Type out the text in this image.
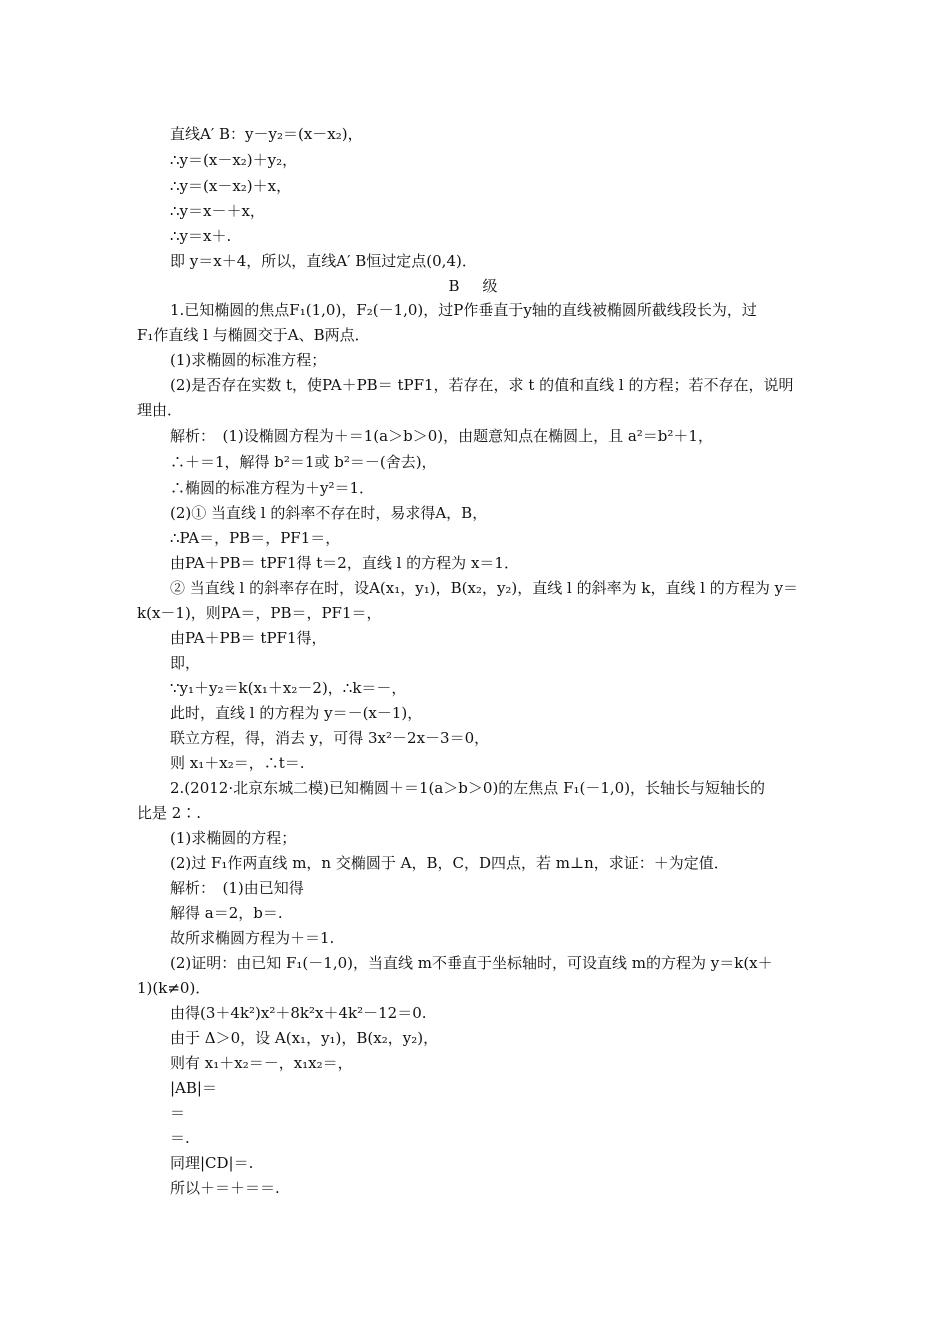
直线A′ B：y－y₂＝(x－x₂)，
∴y＝(x－x₂)＋y₂，
∴y＝(x－x₂)＋x，
∴y＝x－＋x，
∴y＝x＋.
即 y＝x＋4，所以，直线A′ B恒过定点(0,4)．
B　级
1.已知椭圆的焦点F₁(1,0)，F₂(－1,0)，过P作垂直于y轴的直线被椭圆所截线段长为，过
F₁作直线 l 与椭圆交于A、B两点．
(1)求椭圆的标准方程；
(2)是否存在实数 t，使PA＋PB＝ tPF1，若存在，求 t 的值和直线 l 的方程；若不存在，说明
理由．
解析：　(1)设椭圆方程为＋＝1(a＞b＞0)，由题意知点在椭圆上，且 a²＝b²＋1，
∴＋＝1，解得 b²＝1或 b²＝－(舍去)，
∴椭圆的标准方程为＋y²＝1．
(2)① 当直线 l 的斜率不存在时，易求得A，B，
∴PA＝，PB＝，PF1＝，
由PA＋PB＝ tPF1得 t＝2，直线 l 的方程为 x＝1．
② 当直线 l 的斜率存在时，设A(x₁，y₁)，B(x₂，y₂)，直线 l 的斜率为 k，直线 l 的方程为 y＝
k(x－1)，则PA＝，PB＝，PF1＝，
由PA＋PB＝ tPF1得，
即，
∵y₁＋y₂＝k(x₁＋x₂－2)，∴k＝－，
此时，直线 l 的方程为 y＝－(x－1)，
联立方程，得，消去 y，可得 3x²－2x－3＝0，
则 x₁＋x₂＝，∴t＝.
2.(2012·北京东城二模)已知椭圆＋＝1(a＞b＞0)的左焦点 F₁(－1,0)，长轴长与短轴长的
比是 2∶.
(1)求椭圆的方程；
(2)过 F₁作两直线 m，n 交椭圆于 A，B，C，D四点，若 m⊥n，求证：＋为定值．
解析：　(1)由已知得
解得 a＝2，b＝.
故所求椭圆方程为＋＝1.
(2)证明：由已知 F₁(－1,0)，当直线 m不垂直于坐标轴时，可设直线 m的方程为 y＝k(x＋
1)(k≠0)．
由得(3＋4k²)x²＋8k²x＋4k²－12＝0.
由于 Δ＞0，设 A(x₁，y₁)，B(x₂，y₂)，
则有 x₁＋x₂＝－，x₁x₂＝，
|AB|＝
＝
＝.
同理|CD|＝.
所以＋＝＋＝＝.
